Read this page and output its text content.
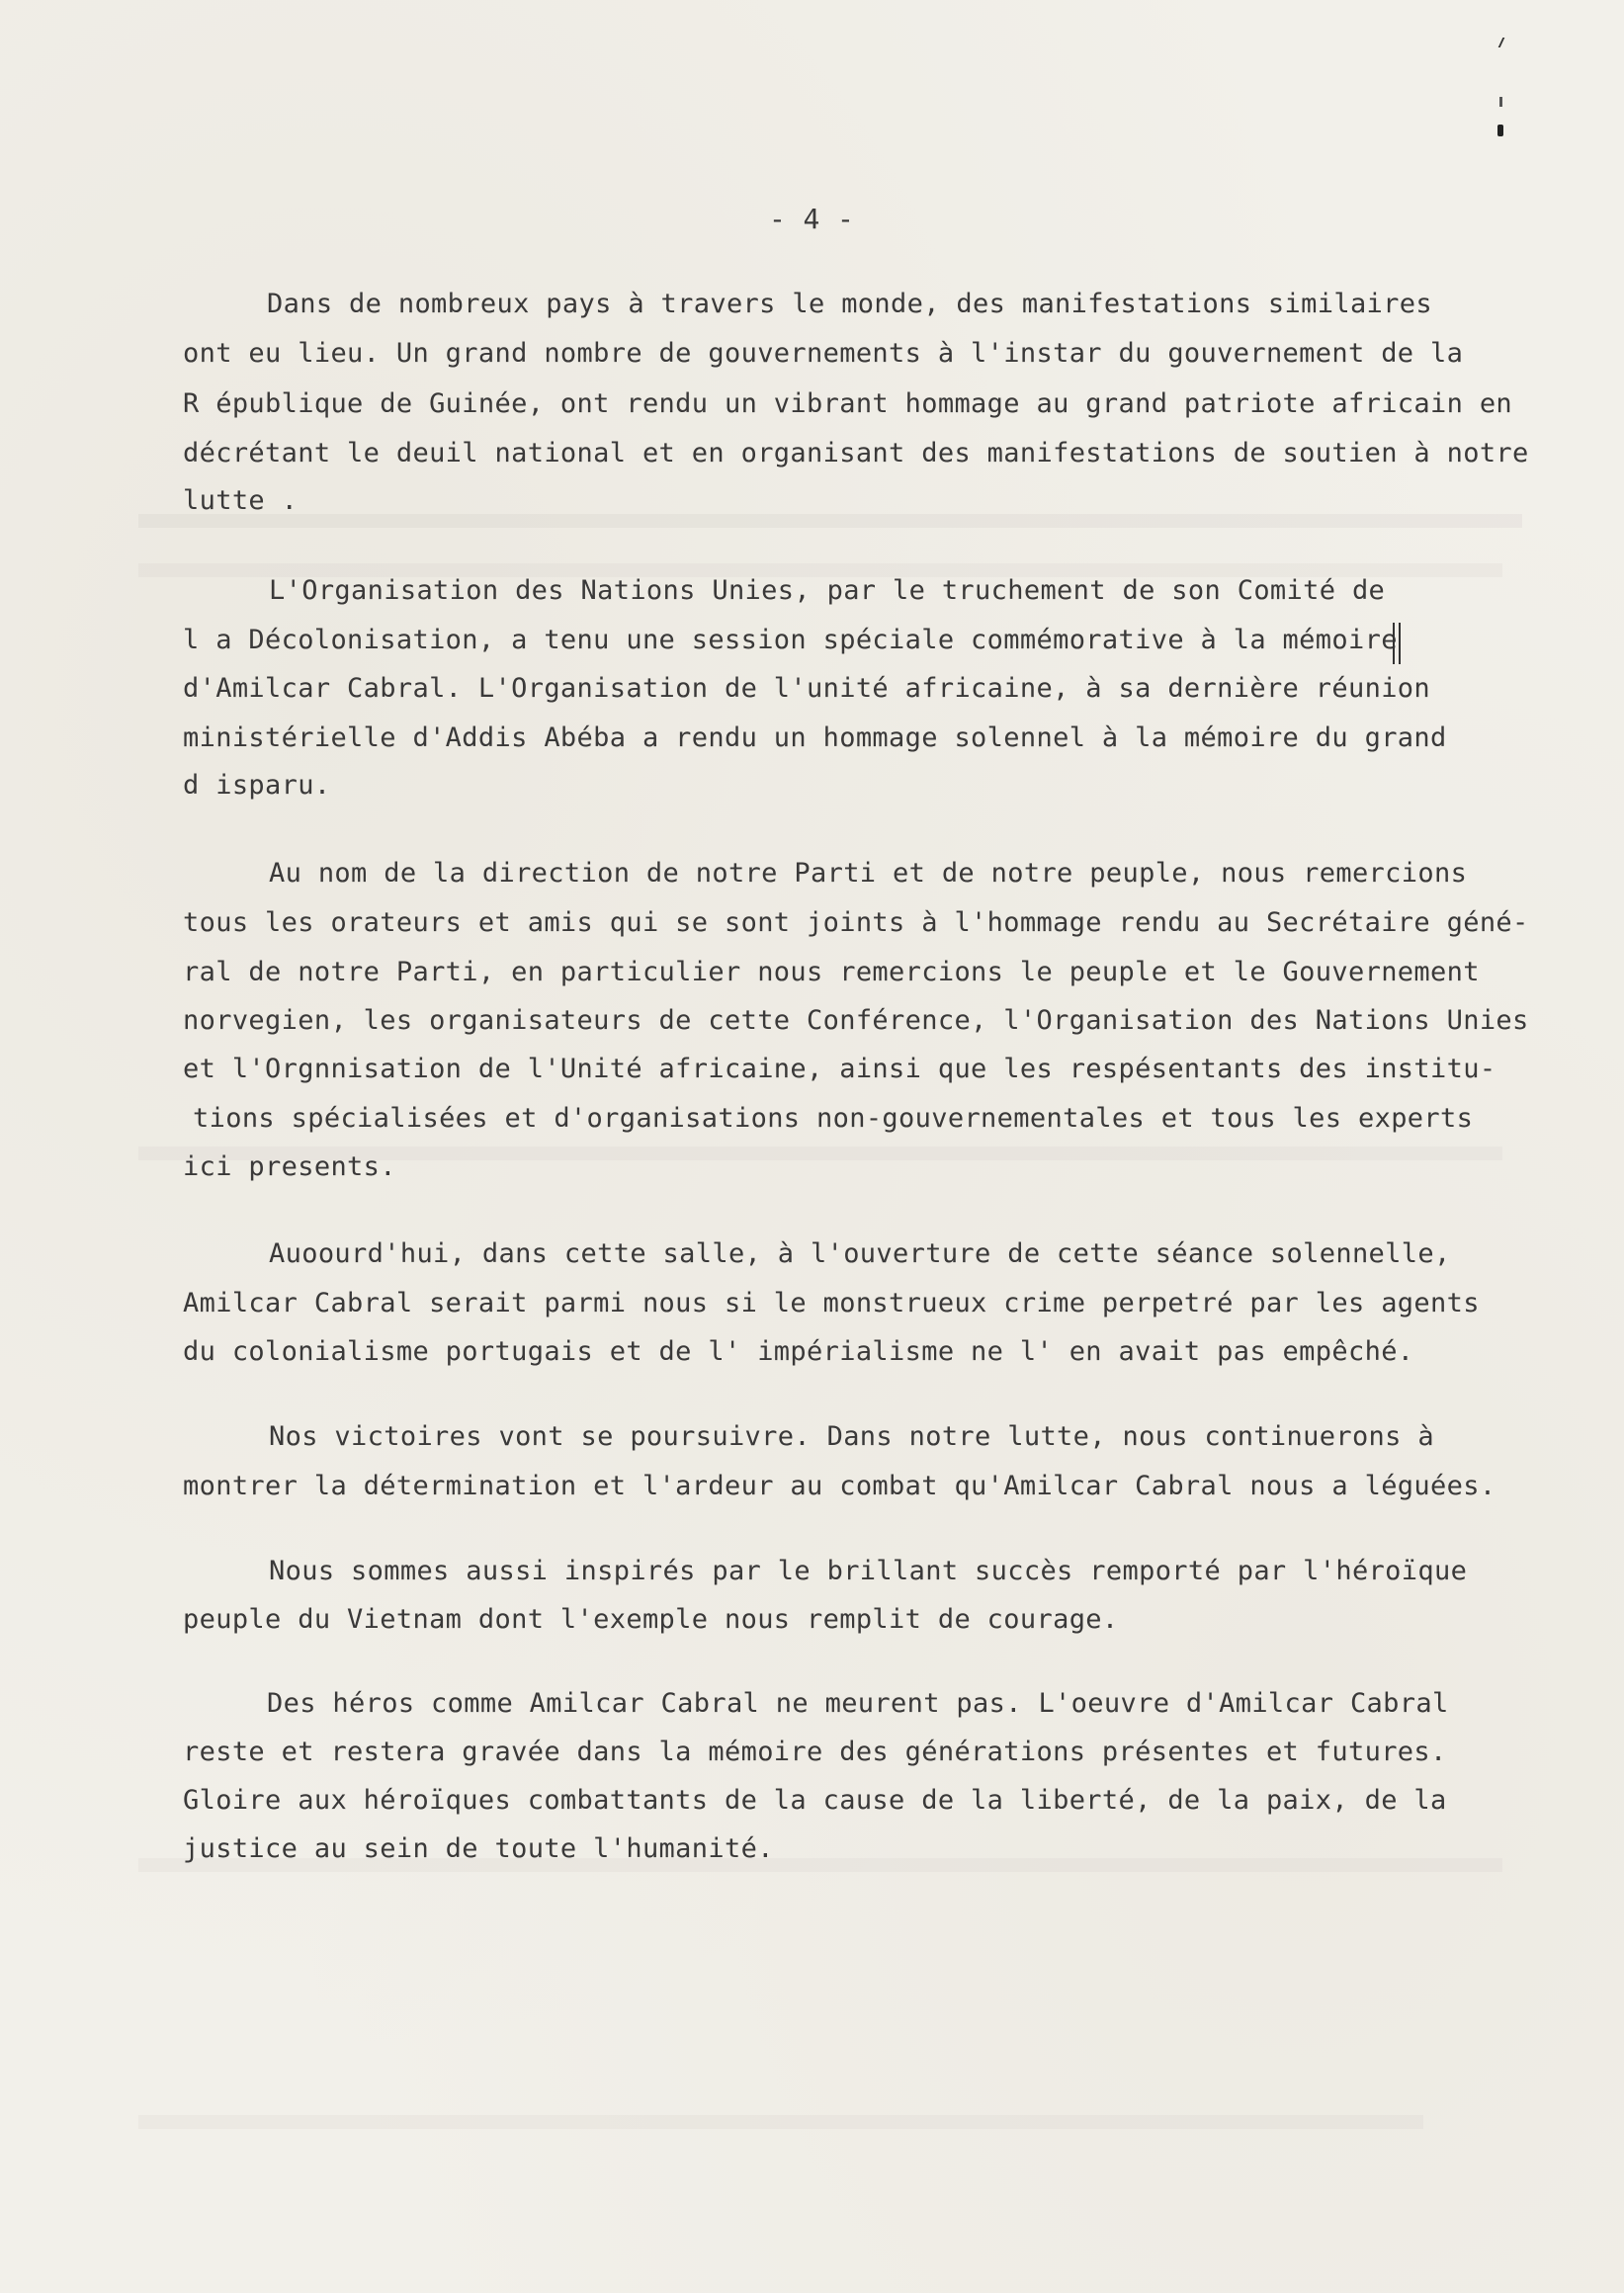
- 4 -
Dans de nombreux pays à travers le monde, des manifestations similaires
ont eu lieu. Un grand nombre de gouvernements à l'instar du gouvernement de la
R épublique de Guinée, ont rendu un vibrant hommage au grand patriote africain en
décrétant le deuil national et en organisant des manifestations de soutien à notre
lutte .
L'Organisation des Nations Unies, par le truchement de son Comité de
l a Décolonisation, a tenu une session spéciale commémorative à la mémoire
d'Amilcar Cabral. L'Organisation de l'unité africaine, à sa dernière réunion
ministérielle d'Addis Abéba a rendu un hommage solennel à la mémoire du grand
d isparu.
Au nom de la direction de notre Parti et de notre peuple, nous remercions
tous les orateurs et amis qui se sont joints à l'hommage rendu au Secrétaire géné-
ral de notre Parti, en particulier nous remercions le peuple et le Gouvernement
norvegien, les organisateurs de cette Conférence, l'Organisation des Nations Unies
et l'Orgnnisation de l'Unité africaine, ainsi que les respésentants des institu-
tions spécialisées et d'organisations non-gouvernementales et tous les experts
ici presents.
Auoourd'hui, dans cette salle, à l'ouverture de cette séance solennelle,
Amilcar Cabral serait parmi nous si le monstrueux crime perpetré par les agents
du colonialisme portugais et de l' impérialisme ne l' en avait pas empêché.
Nos victoires vont se poursuivre. Dans notre lutte, nous continuerons à
montrer la détermination et l'ardeur au combat qu'Amilcar Cabral nous a léguées.
Nous sommes aussi inspirés par le brillant succès remporté par l'héroïque
peuple du Vietnam dont l'exemple nous remplit de courage.
Des héros comme Amilcar Cabral ne meurent pas. L'oeuvre d'Amilcar Cabral
reste et restera gravée dans la mémoire des générations présentes et futures.
Gloire aux héroïques combattants de la cause de la liberté, de la paix, de la
justice au sein de toute l'humanité.
